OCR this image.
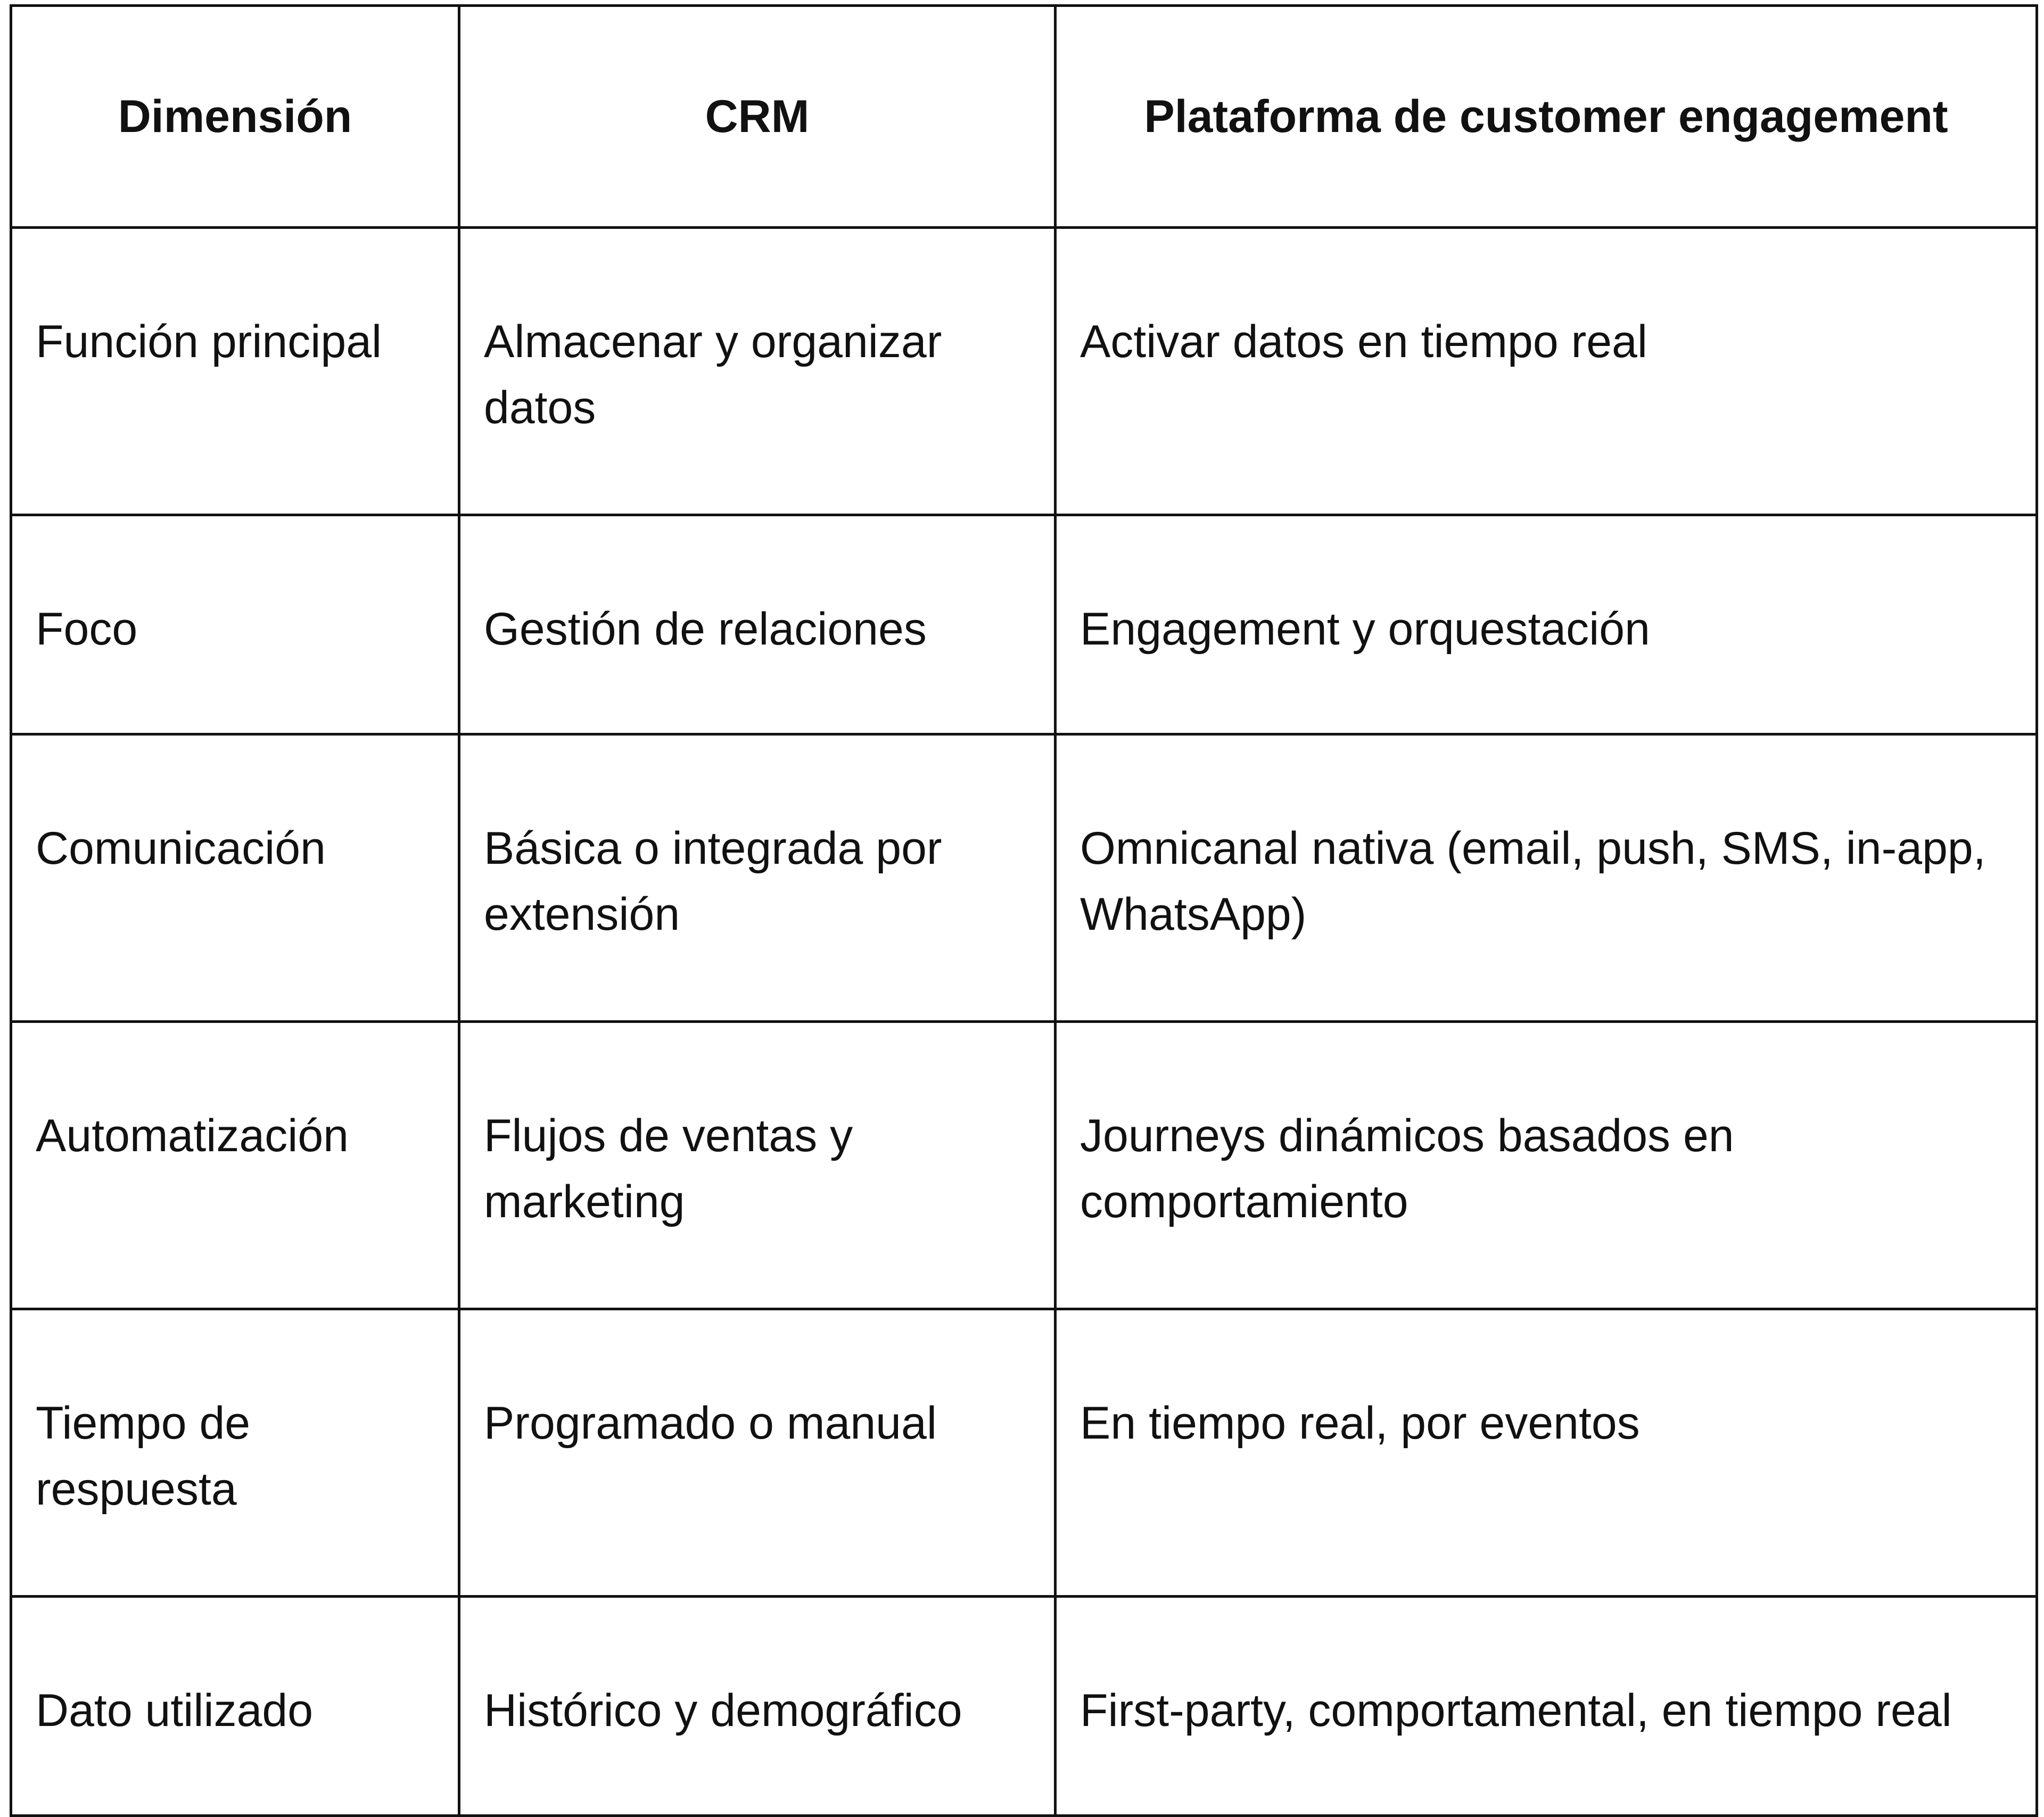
Dimensión	CRM	Plataforma de customer engagement
Función principal	Almacenar y organizar datos	Activar datos en tiempo real
Foco	Gestión de relaciones	Engagement y orquestación
Comunicación	Básica o integrada por extensión	Omnicanal nativa (email, push, SMS, in-app, WhatsApp)
Automatización	Flujos de ventas y marketing	Journeys dinámicos basados en comportamiento
Tiempo de respuesta	Programado o manual	En tiempo real, por eventos
Dato utilizado	Histórico y demográfico	First-party, comportamental, en tiempo real
